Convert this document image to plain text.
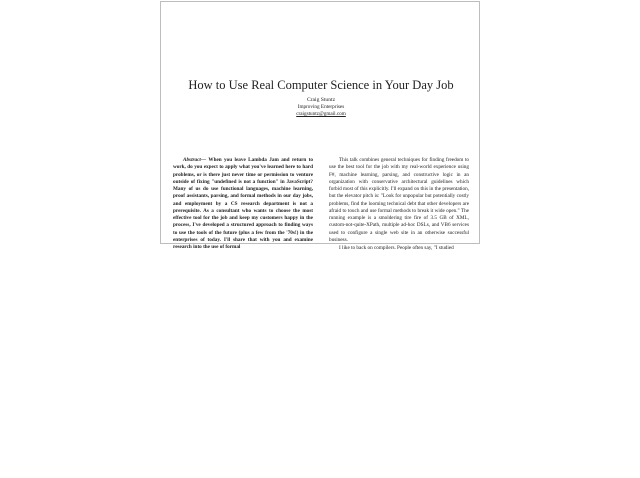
How to Use Real Computer Science in Your Day Job
Craig Stuntz
Improving Enterprises
craigstuntz@gmail.com

Abstract— When you leave Lambda Jam and return to work, do you expect to apply what you've learned here to hard problems, or is there just never time or permission to venture outside of fixing "undefined is not a function" in JavaScript? Many of us do use functional languages, machine learning, proof assistants, parsing, and formal methods in our day jobs, and employment by a CS research department is not a prerequisite. As a consultant who wants to choose the most effective tool for the job and keep my customers happy in the process, I've developed a structured approach to finding ways to use the tools of the future (plus a few from the '70s!) in the enterprises of today. I'll share that with you and examine research into the use of formal

This talk combines general techniques for finding freedom to use the best tool for the job with my real-world experience using F#, machine learning, parsing, and constructive logic in an organization with conservative architectural guidelines which forbid most of this explicitly. I'll expand on this in the presentation, but the elevator pitch is: "Look for unpopular but potentially costly problems, find the looming technical debt that other developers are afraid to touch and use formal methods to break it wide open." The running example is a smoldering tire fire of 3.5 GB of XML, custom-not-quite-XPath, multiple ad-hoc DSLs, and VB6 services used to configure a single web site in an otherwise successful business.

I like to back on compilers. People often say, "I studied
